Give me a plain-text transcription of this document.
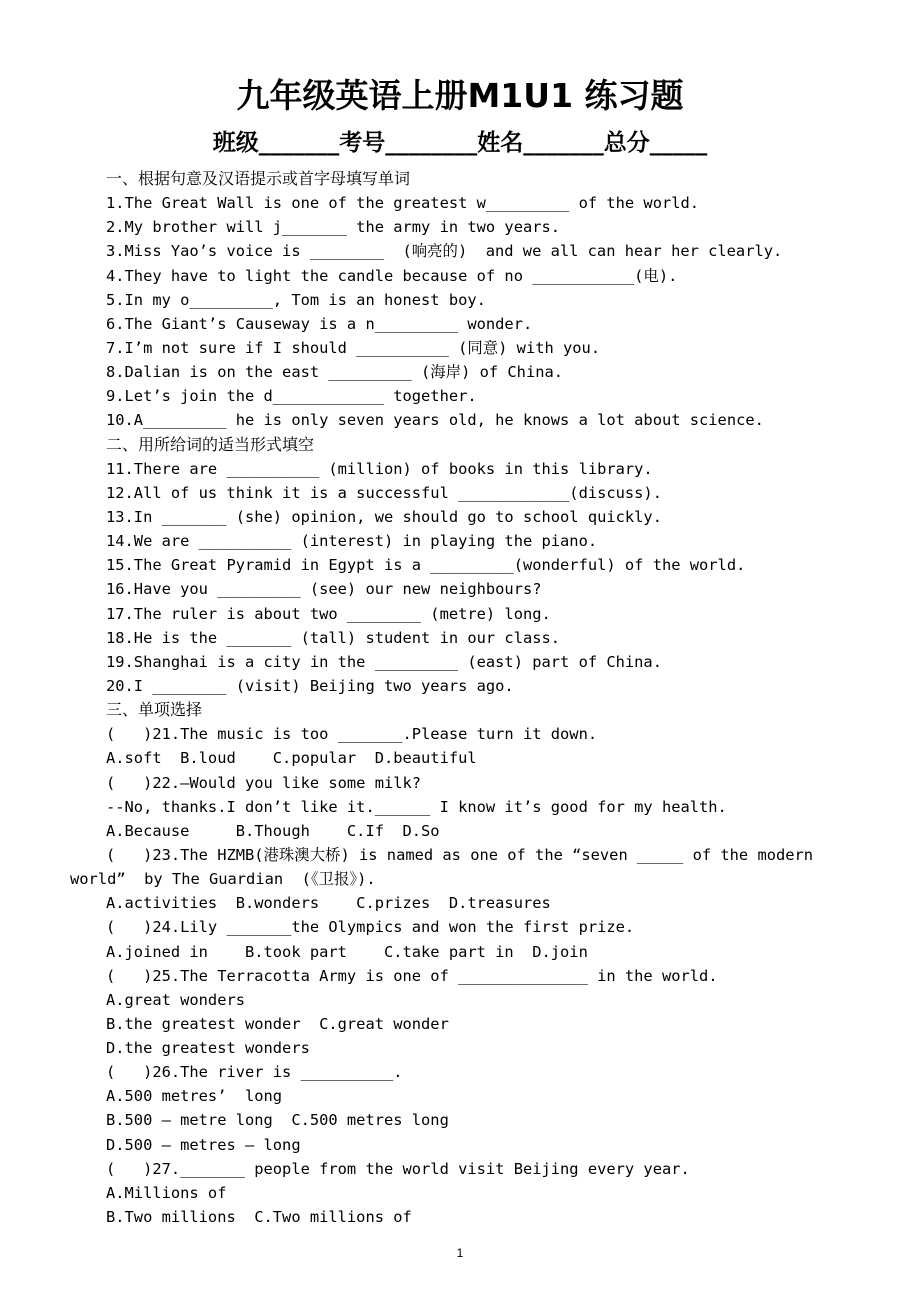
九年级英语上册M1U1 练习题
班级_______考号________姓名_______总分_____
一、根据句意及汉语提示或首字母填写单词
1.The Great Wall is one of the greatest w_________ of the world.
2.My brother will j_______ the army in two years.
3.Miss Yao’s voice is ________  (响亮的)  and we all can hear her clearly.
4.They have to light the candle because of no ___________(电).
5.In my o_________, Tom is an honest boy.
6.The Giant’s Causeway is a n_________ wonder.
7.I’m not sure if I should __________ (同意) with you.
8.Dalian is on the east _________ (海岸) of China.
9.Let’s join the d____________ together.
10.A_________ he is only seven years old, he knows a lot about science.
二、用所给词的适当形式填空
11.There are __________ (million) of books in this library.
12.All of us think it is a successful ____________(discuss).
13.In _______ (she) opinion, we should go to school quickly.
14.We are __________ (interest) in playing the piano.
15.The Great Pyramid in Egypt is a _________(wonderful) of the world.
16.Have you _________ (see) our new neighbours?
17.The ruler is about two ________ (metre) long.
18.He is the _______ (tall) student in our class.
19.Shanghai is a city in the _________ (east) part of China.
20.I ________ (visit) Beijing two years ago.
三、单项选择
(   )21.The music is too _______.Please turn it down.
A.soft  B.loud    C.popular  D.beautiful
(   )22.–Would you like some milk?
--No, thanks.I don’t like it.______ I know it’s good for my health.
A.Because     B.Though    C.If  D.So
(   )23.The HZMB(港珠澳大桥) is named as one of the “seven _____ of the modern
world”  by The Guardian  (《卫报》).
A.activities  B.wonders    C.prizes  D.treasures
(   )24.Lily _______the Olympics and won the first prize.
A.joined in    B.took part    C.take part in  D.join
(   )25.The Terracotta Army is one of ______________ in the world.
A.great wonders
B.the greatest wonder  C.great wonder
D.the greatest wonders
(   )26.The river is __________.
A.500 metres’  long
B.500 – metre long  C.500 metres long
D.500 – metres – long
(   )27._______ people from the world visit Beijing every year.
A.Millions of
B.Two millions  C.Two millions of
1
